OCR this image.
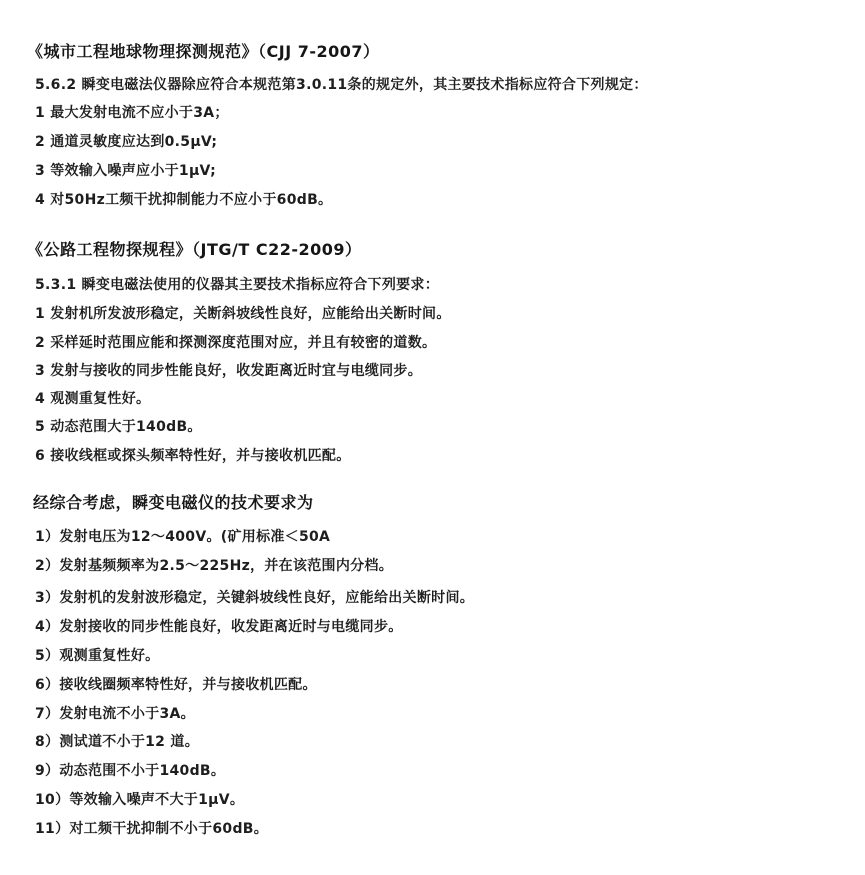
《城市工程地球物理探测规范》（CJJ 7-2007）
5.6.2 瞬变电磁法仪器除应符合本规范第3.0.11条的规定外，其主要技术指标应符合下列规定：
1 最大发射电流不应小于3A；
2 通道灵敏度应达到0.5μV;
3 等效输入噪声应小于1μV;
4 对50Hz工频干扰抑制能力不应小于60dB。
《公路工程物探规程》（JTG/T C22-2009）
5.3.1 瞬变电磁法使用的仪器其主要技术指标应符合下列要求：
1 发射机所发波形稳定，关断斜坡线性良好，应能给出关断时间。
2 采样延时范围应能和探测深度范围对应，并且有较密的道数。
3 发射与接收的同步性能良好，收发距离近时宜与电缆同步。
4 观测重复性好。
5 动态范围大于140dB。
6 接收线框或探头频率特性好，并与接收机匹配。
经综合考虑，瞬变电磁仪的技术要求为
1）发射电压为12～400V。(矿用标准＜50A
2）发射基频频率为2.5～225Hz，并在该范围内分档。
3）发射机的发射波形稳定，关键斜坡线性良好，应能给出关断时间。
4）发射接收的同步性能良好，收发距离近时与电缆同步。
5）观测重复性好。
6）接收线圈频率特性好，并与接收机匹配。
7）发射电流不小于3A。
8）测试道不小于12 道。
9）动态范围不小于140dB。
10）等效输入噪声不大于1μV。
11）对工频干扰抑制不小于60dB。
